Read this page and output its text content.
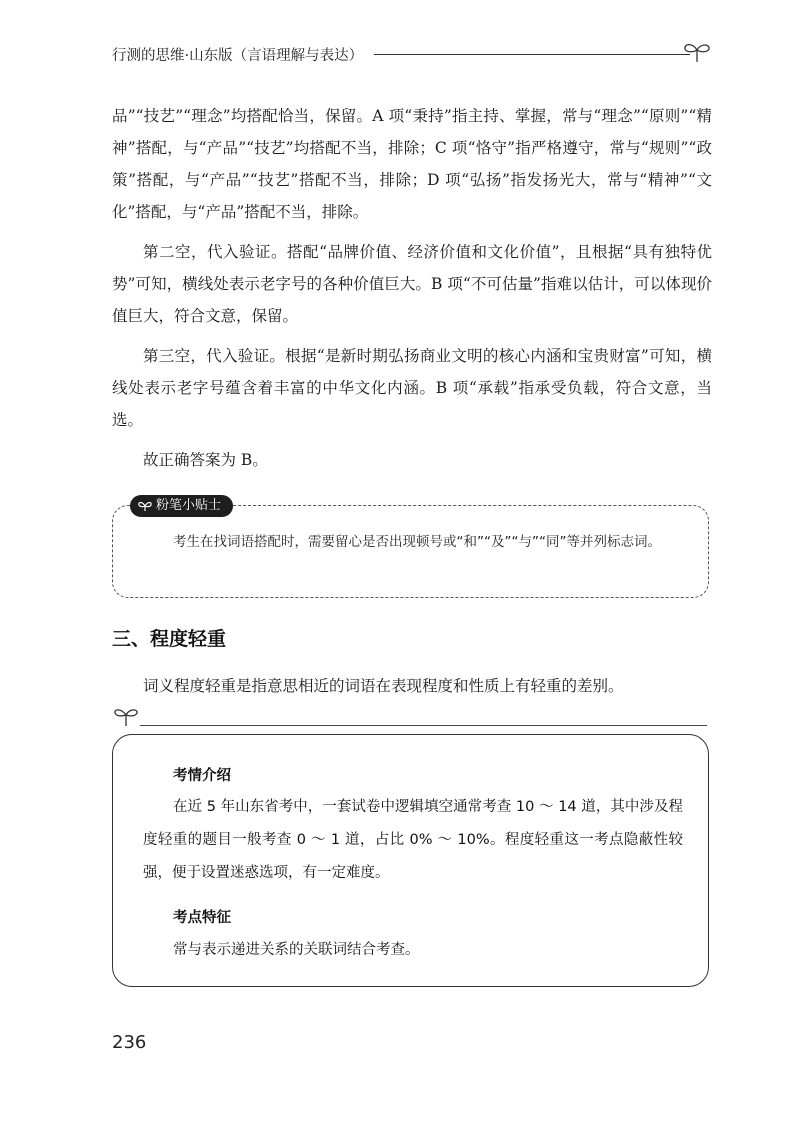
行测的思维·山东版（言语理解与表达）

品”“技艺”“理念”均搭配恰当，保留。A 项“秉持”指主持、掌握，常与“理念”“原则”“精神”搭配，与“产品”“技艺”均搭配不当，排除；C 项“恪守”指严格遵守，常与“规则”“政策”搭配，与“产品”“技艺”搭配不当，排除；D 项“弘扬”指发扬光大，常与“精神”“文化”搭配，与“产品”搭配不当，排除。

第二空，代入验证。搭配“品牌价值、经济价值和文化价值”，且根据“具有独特优势”可知，横线处表示老字号的各种价值巨大。B 项“不可估量”指难以估计，可以体现价值巨大，符合文意，保留。

第三空，代入验证。根据“是新时期弘扬商业文明的核心内涵和宝贵财富”可知，横线处表示老字号蕴含着丰富的中华文化内涵。B 项“承载”指承受负载，符合文意，当选。

故正确答案为 B。

粉笔小贴士

考生在找词语搭配时，需要留心是否出现顿号或“和”“及”“与”“同”等并列标志词。

三、程度轻重

词义程度轻重是指意思相近的词语在表现程度和性质上有轻重的差别。

考情介绍

在近 5 年山东省考中，一套试卷中逻辑填空通常考查 10 ～ 14 道，其中涉及程度轻重的题目一般考查 0 ～ 1 道，占比 0% ～ 10%。程度轻重这一考点隐蔽性较强，便于设置迷惑选项，有一定难度。

考点特征

常与表示递进关系的关联词结合考查。

236
